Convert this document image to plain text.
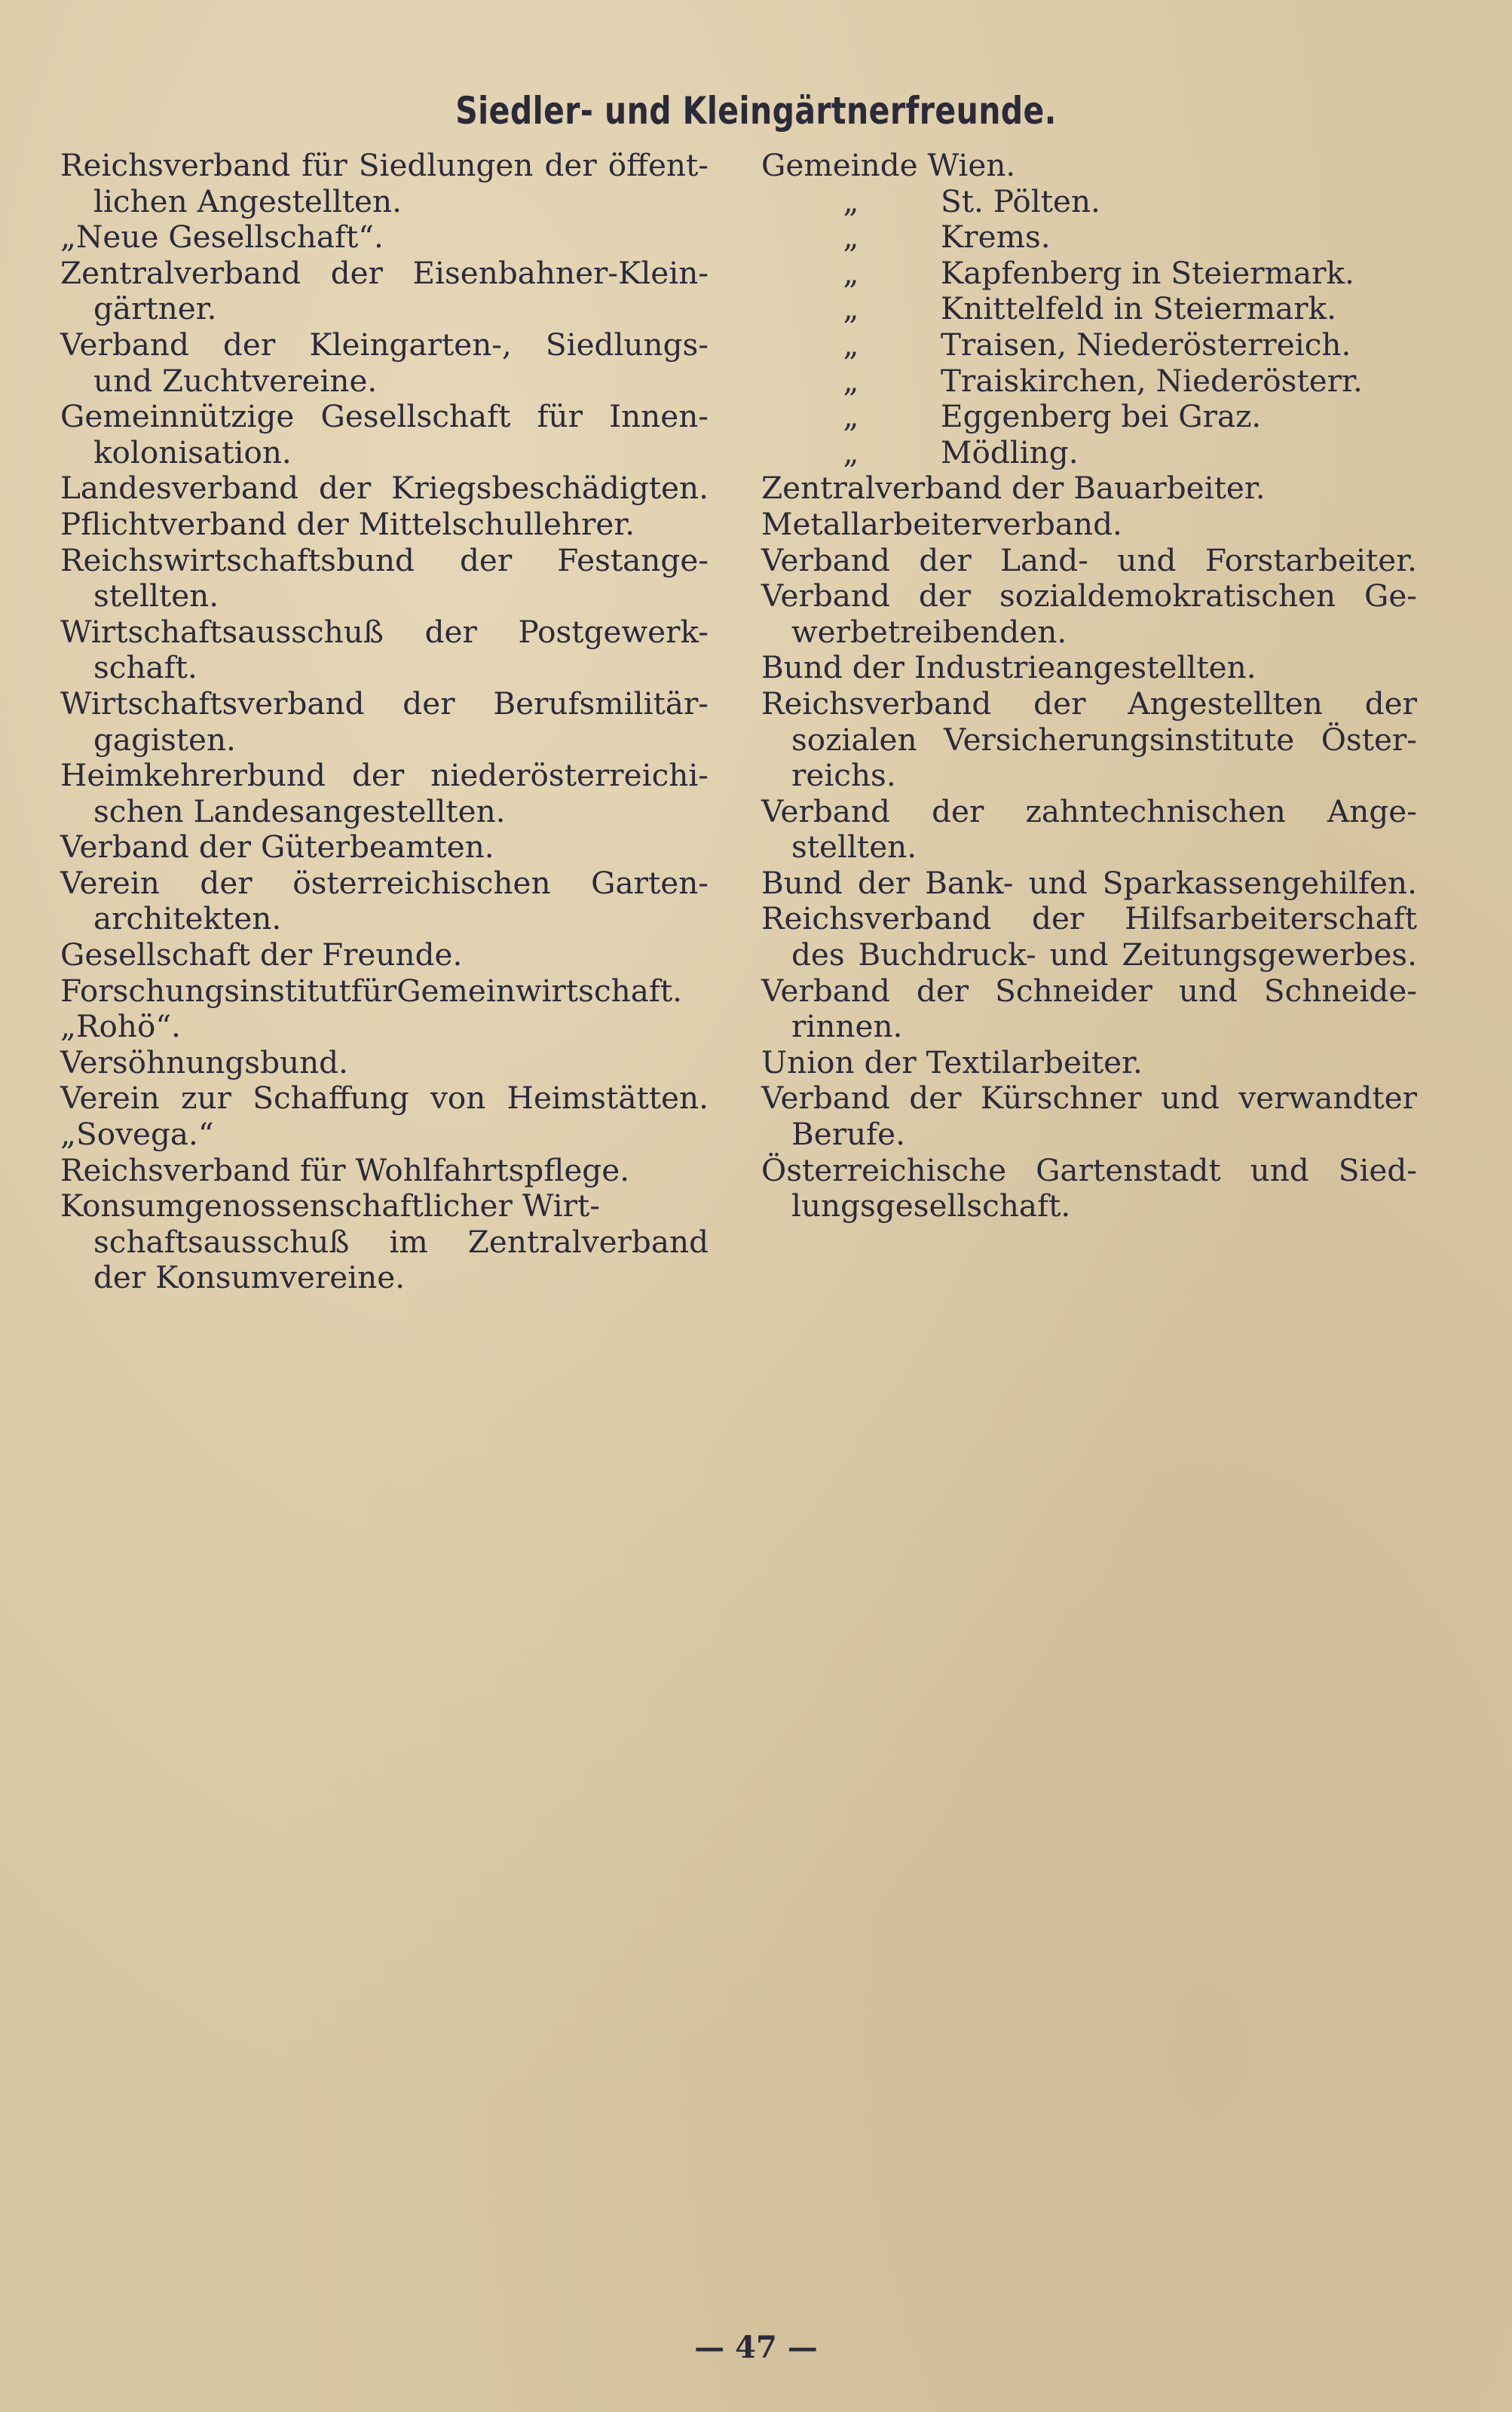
Siedler- und Kleingärtnerfreunde.
Reichsverband für Siedlungen der öffent-
lichen
Angestellten.
„Neue
Gesellschaft“.
Zentralverband der Eisenbahner-Klein-
gärtner.
Verband der Kleingarten-, Siedlungs-
und
Zuchtvereine.
Gemeinnützige Gesellschaft für Innen-
kolonisation.
Landesverband der Kriegsbeschädigten.
Pflichtverband
der
Mittelschullehrer.
Reichswirtschaftsbund der Festange-
stellten.
Wirtschaftsausschuß der Postgewerk-
schaft.
Wirtschaftsverband der Berufsmilitär-
gagisten.
Heimkehrerbund der niederösterreichi-
schen
Landesangestellten.
Verband
der
Güterbeamten.
Verein der österreichischen Garten-
architekten.
Gesellschaft
der
Freunde.
Forschungsinstitut für Gemeinwirtschaft.
„Rohö“.
Versöhnungsbund.
Verein zur Schaffung von Heimstätten.
„Sovega.“
Reichsverband
für
Wohlfahrtspflege.
Konsumgenossenschaftlicher
Wirt-
schaftsausschuß im Zentralverband
der
Konsumvereine.
Gemeinde
Wien.
„	St. Pölten.
„	Krems.
„	Kapfenberg in Steiermark.
„	Knittelfeld in Steiermark.
„	Traisen, Niederösterreich.
„	Traiskirchen, Niederösterr.
„	Eggenberg bei Graz.
„	Mödling.
Zentralverband
der
Bauarbeiter.
Metallarbeiterverband.
Verband der Land- und Forstarbeiter.
Verband der sozialdemokratischen Ge-
werbetreibenden.
Bund
der
Industrieangestellten.
Reichsverband der Angestellten der
sozialen Versicherungsinstitute Öster-
reichs.
Verband der zahntechnischen Ange-
stellten.
Bund der Bank- und Sparkassengehilfen.
Reichsverband der Hilfsarbeiterschaft
des Buchdruck- und Zeitungsgewerbes.
Verband der Schneider und Schneide-
rinnen.
Union
der
Textilarbeiter.
Verband der Kürschner und verwandter
Berufe.
Österreichische Gartenstadt und Sied-
lungsgesellschaft.
— 47 —
